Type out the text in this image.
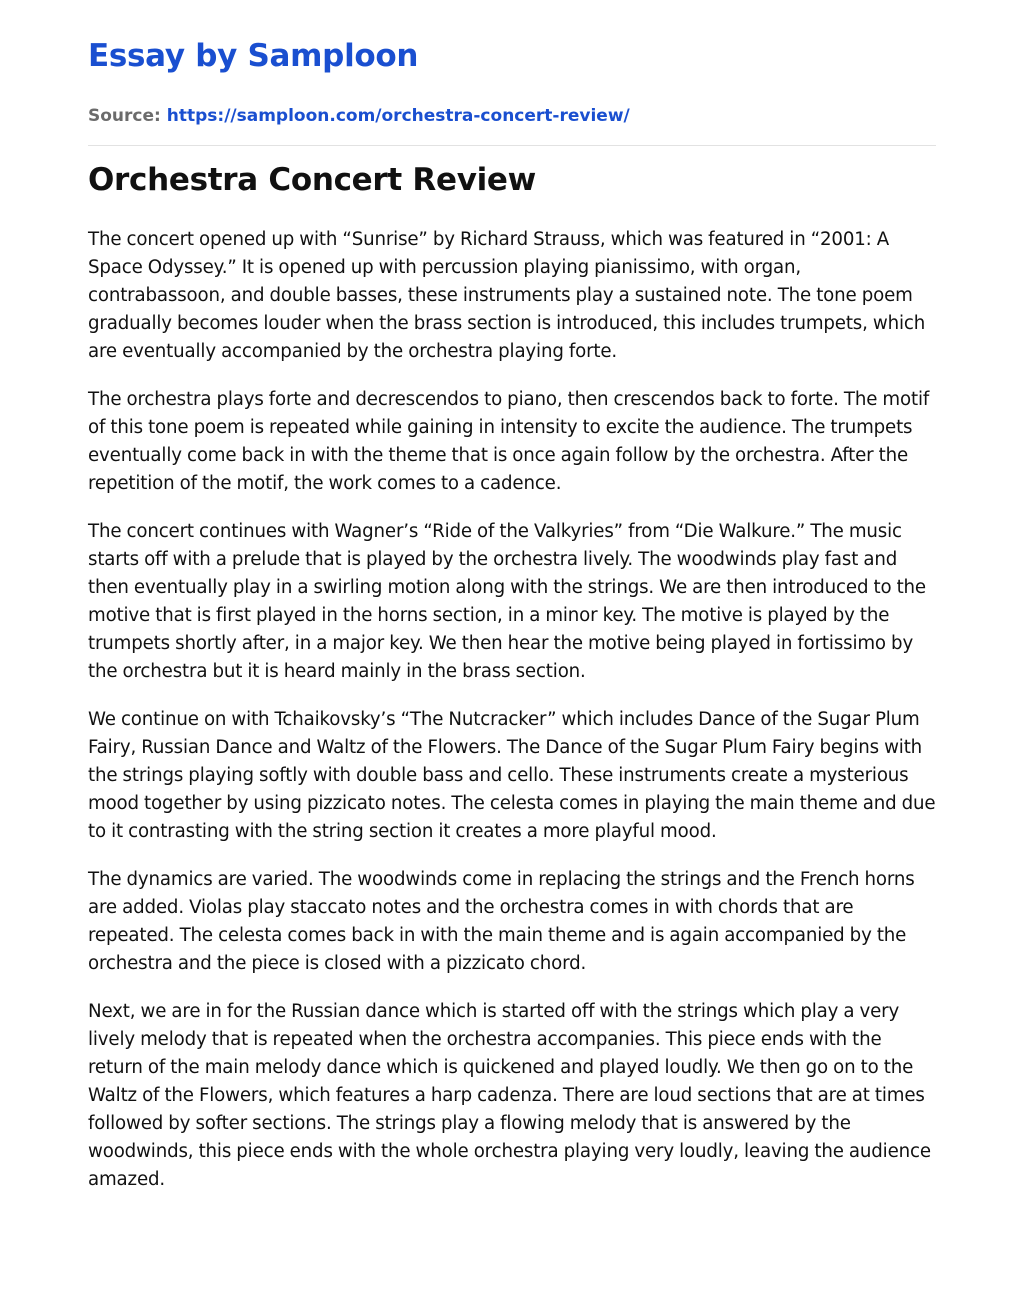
Essay by Samploon
Source: https://samploon.com/orchestra-concert-review/
Orchestra Concert Review

The concert opened up with “Sunrise” by Richard Strauss, which was featured in “2001: A Space Odyssey.” It is opened up with percussion playing pianissimo, with organ, contrabassoon, and double basses, these instruments play a sustained note. The tone poem gradually becomes louder when the brass section is introduced, this includes trumpets, which are eventually accompanied by the orchestra playing forte.

The orchestra plays forte and decrescendos to piano, then crescendos back to forte. The motif of this tone poem is repeated while gaining in intensity to excite the audience. The trumpets eventually come back in with the theme that is once again follow by the orchestra. After the repetition of the motif, the work comes to a cadence.

The concert continues with Wagner’s “Ride of the Valkyries” from “Die Walkure.” The music starts off with a prelude that is played by the orchestra lively. The woodwinds play fast and then eventually play in a swirling motion along with the strings. We are then introduced to the motive that is first played in the horns section, in a minor key. The motive is played by the trumpets shortly after, in a major key. We then hear the motive being played in fortissimo by the orchestra but it is heard mainly in the brass section.

We continue on with Tchaikovsky’s “The Nutcracker” which includes Dance of the Sugar Plum Fairy, Russian Dance and Waltz of the Flowers. The Dance of the Sugar Plum Fairy begins with the strings playing softly with double bass and cello. These instruments create a mysterious mood together by using pizzicato notes. The celesta comes in playing the main theme and due to it contrasting with the string section it creates a more playful mood.

The dynamics are varied. The woodwinds come in replacing the strings and the French horns are added. Violas play staccato notes and the orchestra comes in with chords that are repeated. The celesta comes back in with the main theme and is again accompanied by the orchestra and the piece is closed with a pizzicato chord.

Next, we are in for the Russian dance which is started off with the strings which play a very lively melody that is repeated when the orchestra accompanies. This piece ends with the return of the main melody dance which is quickened and played loudly. We then go on to the Waltz of the Flowers, which features a harp cadenza. There are loud sections that are at times followed by softer sections. The strings play a flowing melody that is answered by the woodwinds, this piece ends with the whole orchestra playing very loudly, leaving the audience amazed.
